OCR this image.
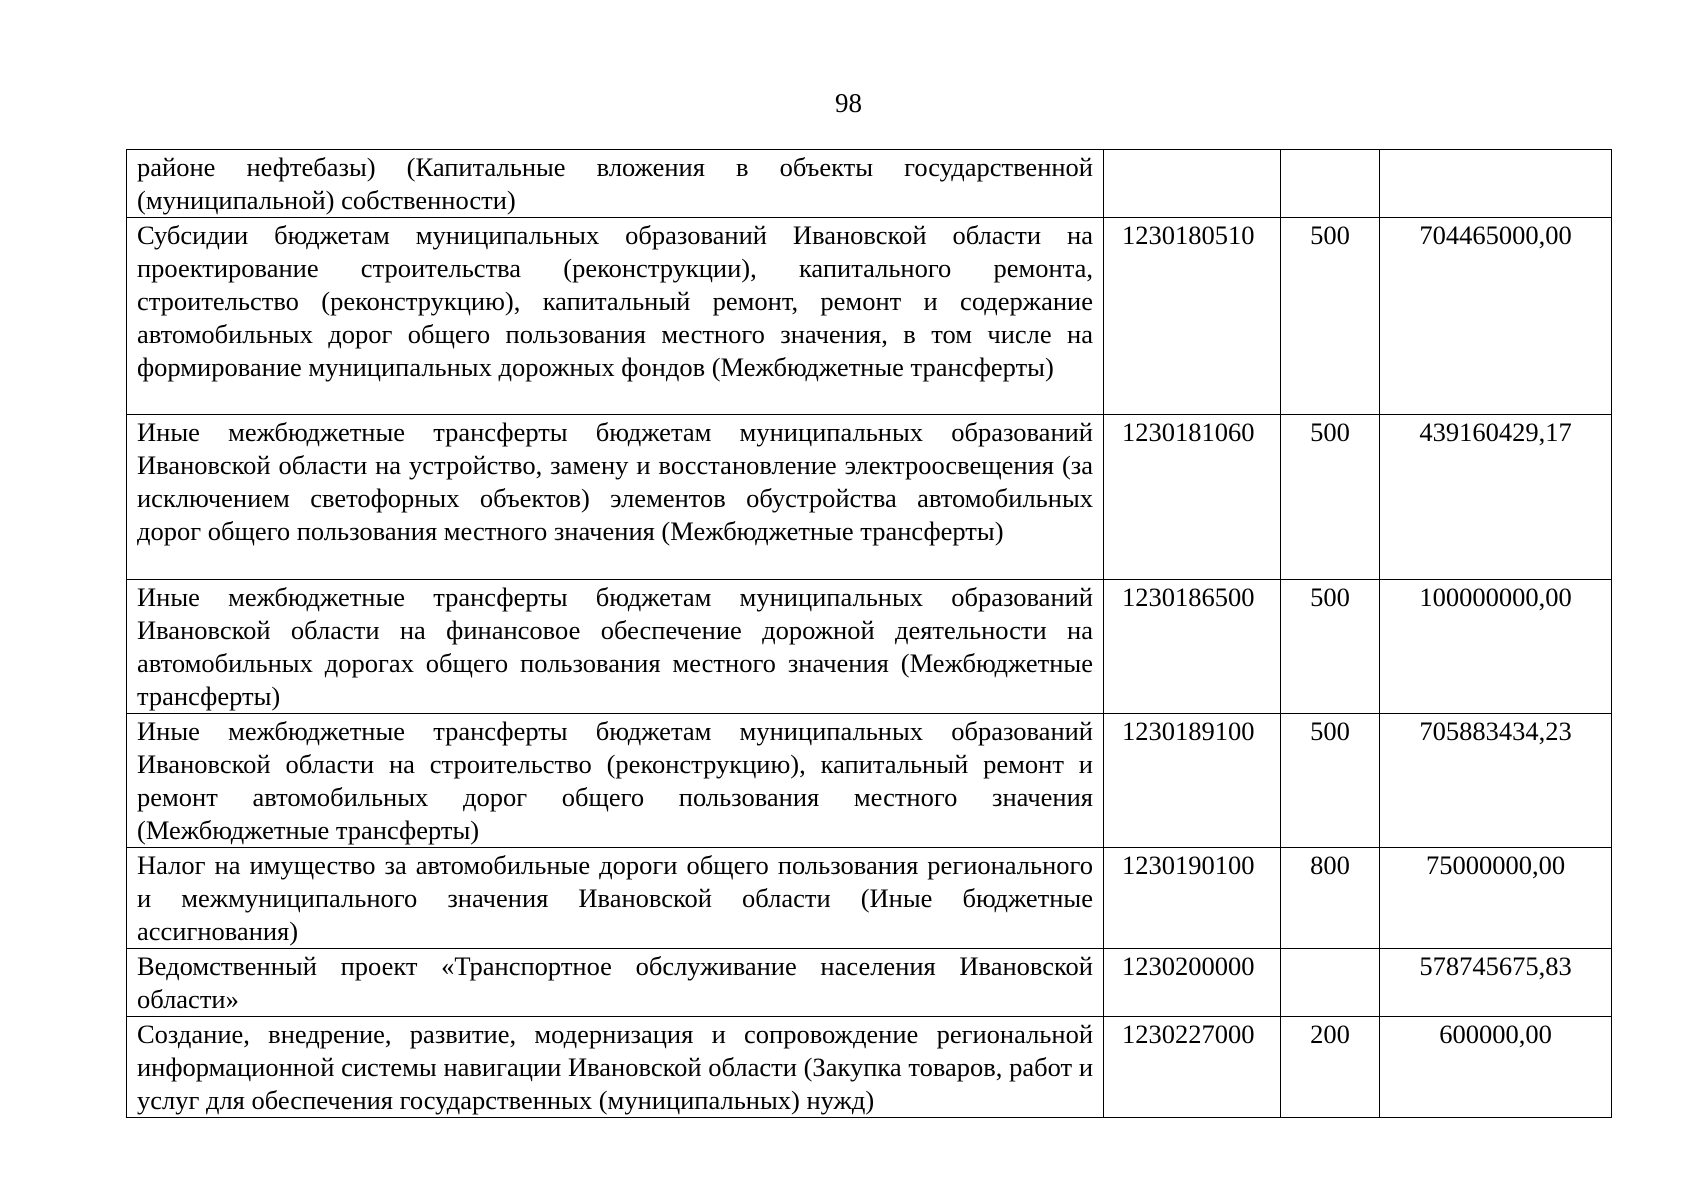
98
районе нефтебазы) (Капитальные вложения в объекты государственной (муниципальной) собственности)			
Субсидии бюджетам муниципальных образований Ивановской области на проектирование строительства (реконструкции), капитального ремонта, строительство (реконструкцию), капитальный ремонт, ремонт и содержание автомобильных дорог общего пользования местного значения, в том числе на формирование муниципальных дорожных фондов (Межбюджетные трансферты)	1230180510	500	704465000,00
Иные межбюджетные трансферты бюджетам муниципальных образований Ивановской области на устройство, замену и восстановление электроосвещения (за исключением светофорных объектов) элементов обустройства автомобильных дорог общего пользования местного значения (Межбюджетные трансферты)	1230181060	500	439160429,17
Иные межбюджетные трансферты бюджетам муниципальных образований Ивановской области на финансовое обеспечение дорожной деятельности на автомобильных дорогах общего пользования местного значения (Межбюджетные трансферты)	1230186500	500	100000000,00
Иные межбюджетные трансферты бюджетам муниципальных образований Ивановской области на строительство (реконструкцию), капитальный ремонт и ремонт автомобильных дорог общего пользования местного значения (Межбюджетные трансферты)	1230189100	500	705883434,23
Налог на имущество за автомобильные дороги общего пользования регионального и межмуниципального значения Ивановской области (Иные бюджетные ассигнования)	1230190100	800	75000000,00
Ведомственный проект «Транспортное обслуживание населения Ивановской области»	1230200000		578745675,83
Создание, внедрение, развитие, модернизация и сопровождение региональной информационной системы навигации Ивановской области (Закупка товаров, работ и услуг для обеспечения государственных (муниципальных) нужд)	1230227000	200	600000,00
